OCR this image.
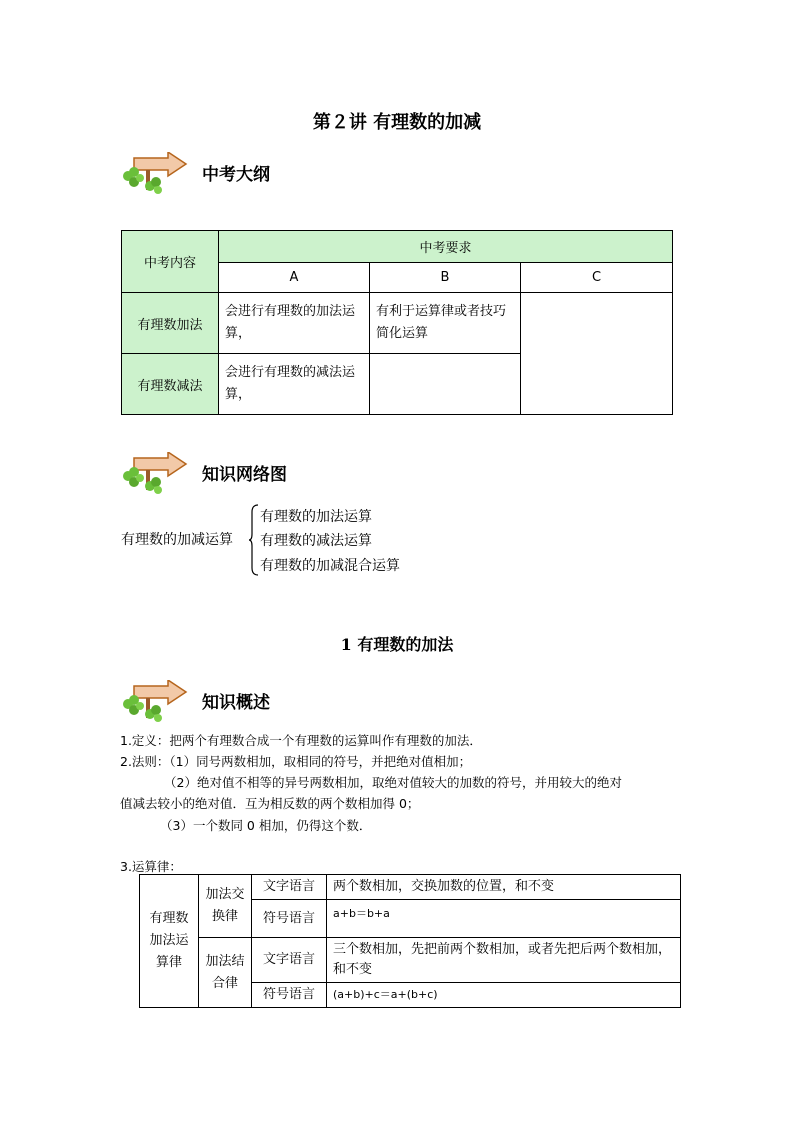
第２讲 有理数的加减
中考大纲
中考内容	中考要求		
	A	B	C
有理数加法	会进行有理数的加法运算，	有利于运算律或者技巧简化运算	
有理数减法	会进行有理数的减法运算，		
知识网络图
有理数的加减运算
有理数的加法运算
有理数的减法运算
有理数的加减混合运算
1 有理数的加法
知识概述
1.定义：把两个有理数合成一个有理数的运算叫作有理数的加法．
2.法则：（1）同号两数相加，取相同的符号，并把绝对值相加；
（2）绝对值不相等的异号两数相加，取绝对值较大的加数的符号，并用较大的绝对
值减去较小的绝对值．互为相反数的两个数相加得 0；
（3）一个数同 0 相加，仍得这个数．
3.运算律：
有理数加法运算律	加法交换律	文字语言	两个数相加，交换加数的位置，和不变
		符号语言	a+b＝b+a
	加法结合律	文字语言	三个数相加，先把前两个数相加，或者先把后两个数相加，和不变
		符号语言	(a+b)+c＝a+(b+c)
